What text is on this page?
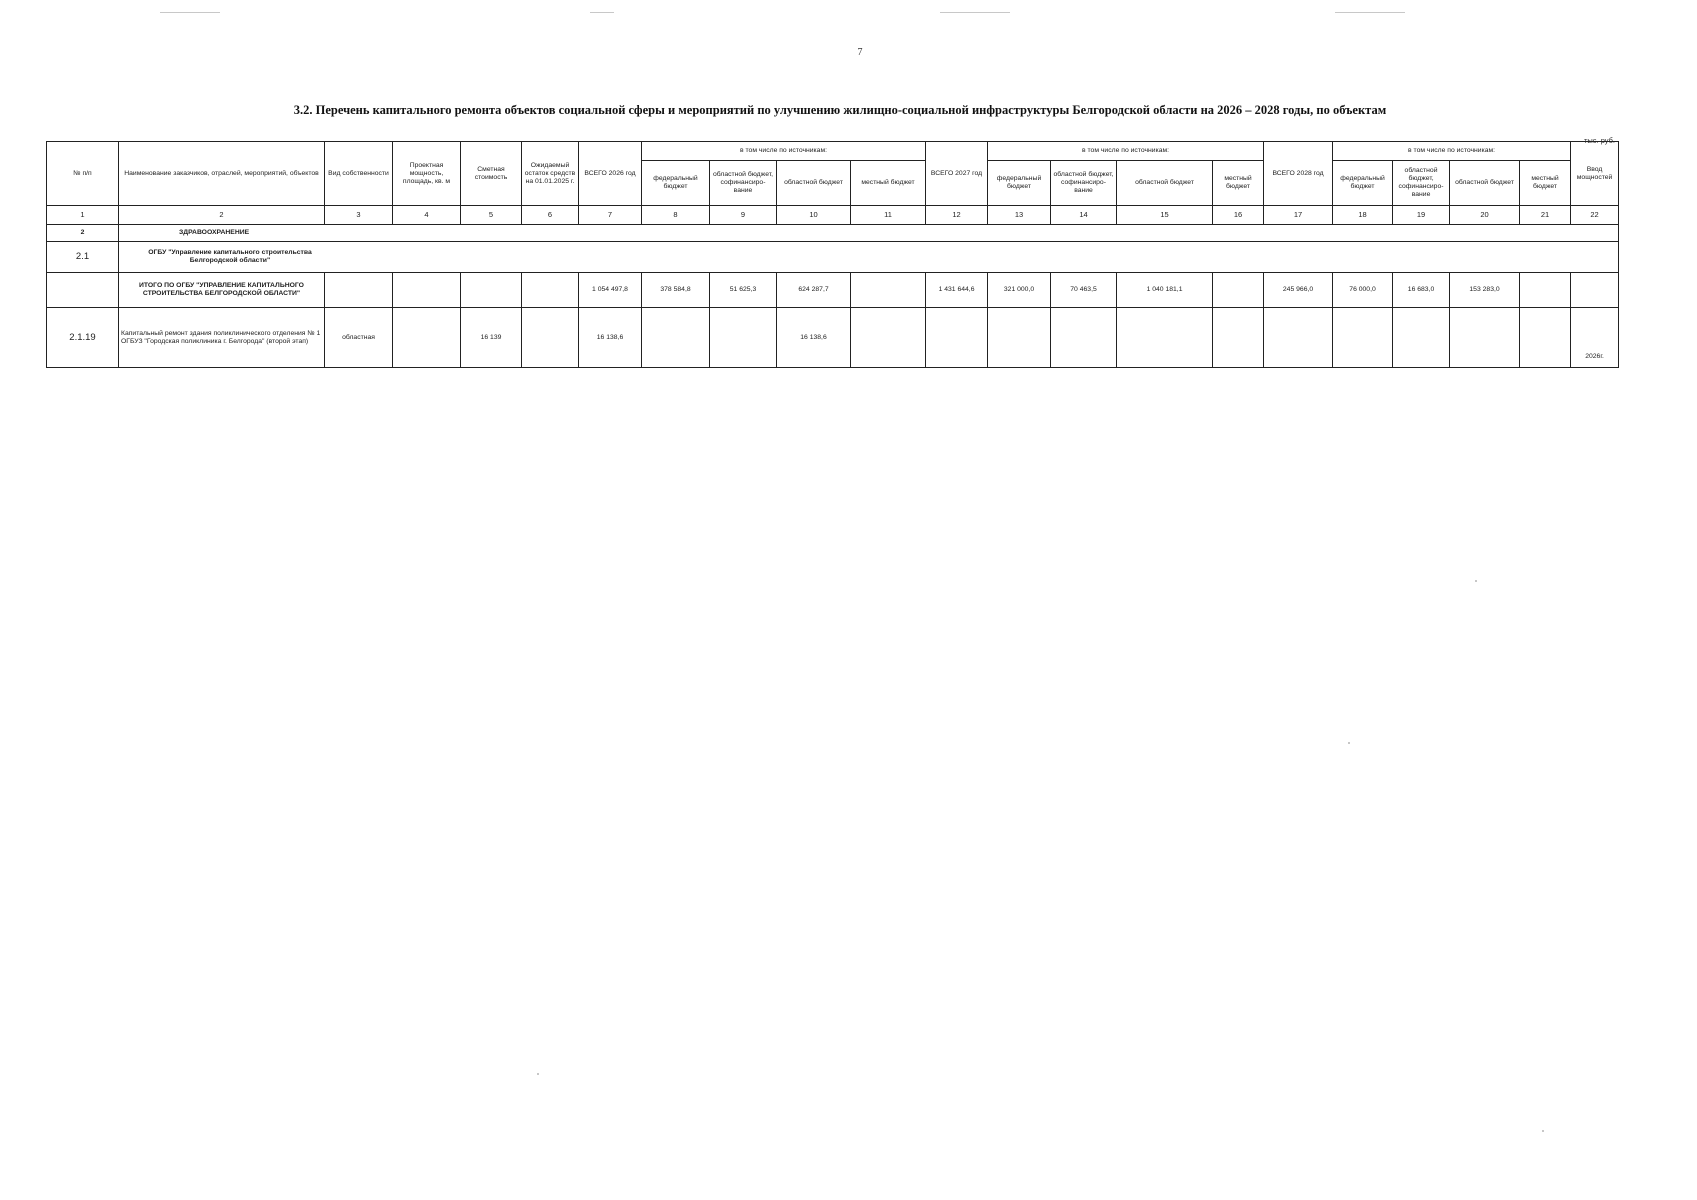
7
3.2. Перечень капитального ремонта объектов социальной сферы и мероприятий по улучшению жилищно-социальной инфраструктуры Белгородской области на 2026 – 2028 годы, по объектам
тыс. руб.
№ п/п	Наименование заказчиков, отраслей, мероприятий, объектов	Вид собственности	Проектная мощность, площадь, кв. м	Сметная стоимость	Ожидаемый остаток средств на 01.01.2025 г.	ВСЕГО 2026 год	в том числе по источникам:				ВСЕГО 2027 год	в том числе по источникам:				ВСЕГО 2028 год	в том числе по источникам:				Ввод мощностей
							федеральный бюджет	областной бюджет, софинансиро-вание	областной бюджет	местный бюджет		федеральный бюджет	областной бюджет, софинансиро-вание	областной бюджет	местный бюджет		федеральный бюджет	областной бюджет, софинансиро-вание	областной бюджет	местный бюджет	
1	2	3	4	5	6	7	8	9	10	11	12	13	14	15	16	17	18	19	20	21	22
2	ЗДРАВООХРАНЕНИЕ																				
2.1	ОГБУ "Управление капитального строительства Белгородской области"																				
	ИТОГО ПО ОГБУ "УПРАВЛЕНИЕ КАПИТАЛЬНОГО СТРОИТЕЛЬСТВА БЕЛГОРОДСКОЙ ОБЛАСТИ"					1 054 497,8	378 584,8	51 625,3	624 287,7		1 431 644,6	321 000,0	70 463,5	1 040 181,1		245 966,0	76 000,0	16 683,0	153 283,0		
2.1.19	Капитальный ремонт здания поликлинического отделения № 1 ОГБУЗ "Городская поликлиника г. Белгорода" (второй этап)	областная		16 139		16 138,6			16 138,6												2026г.
